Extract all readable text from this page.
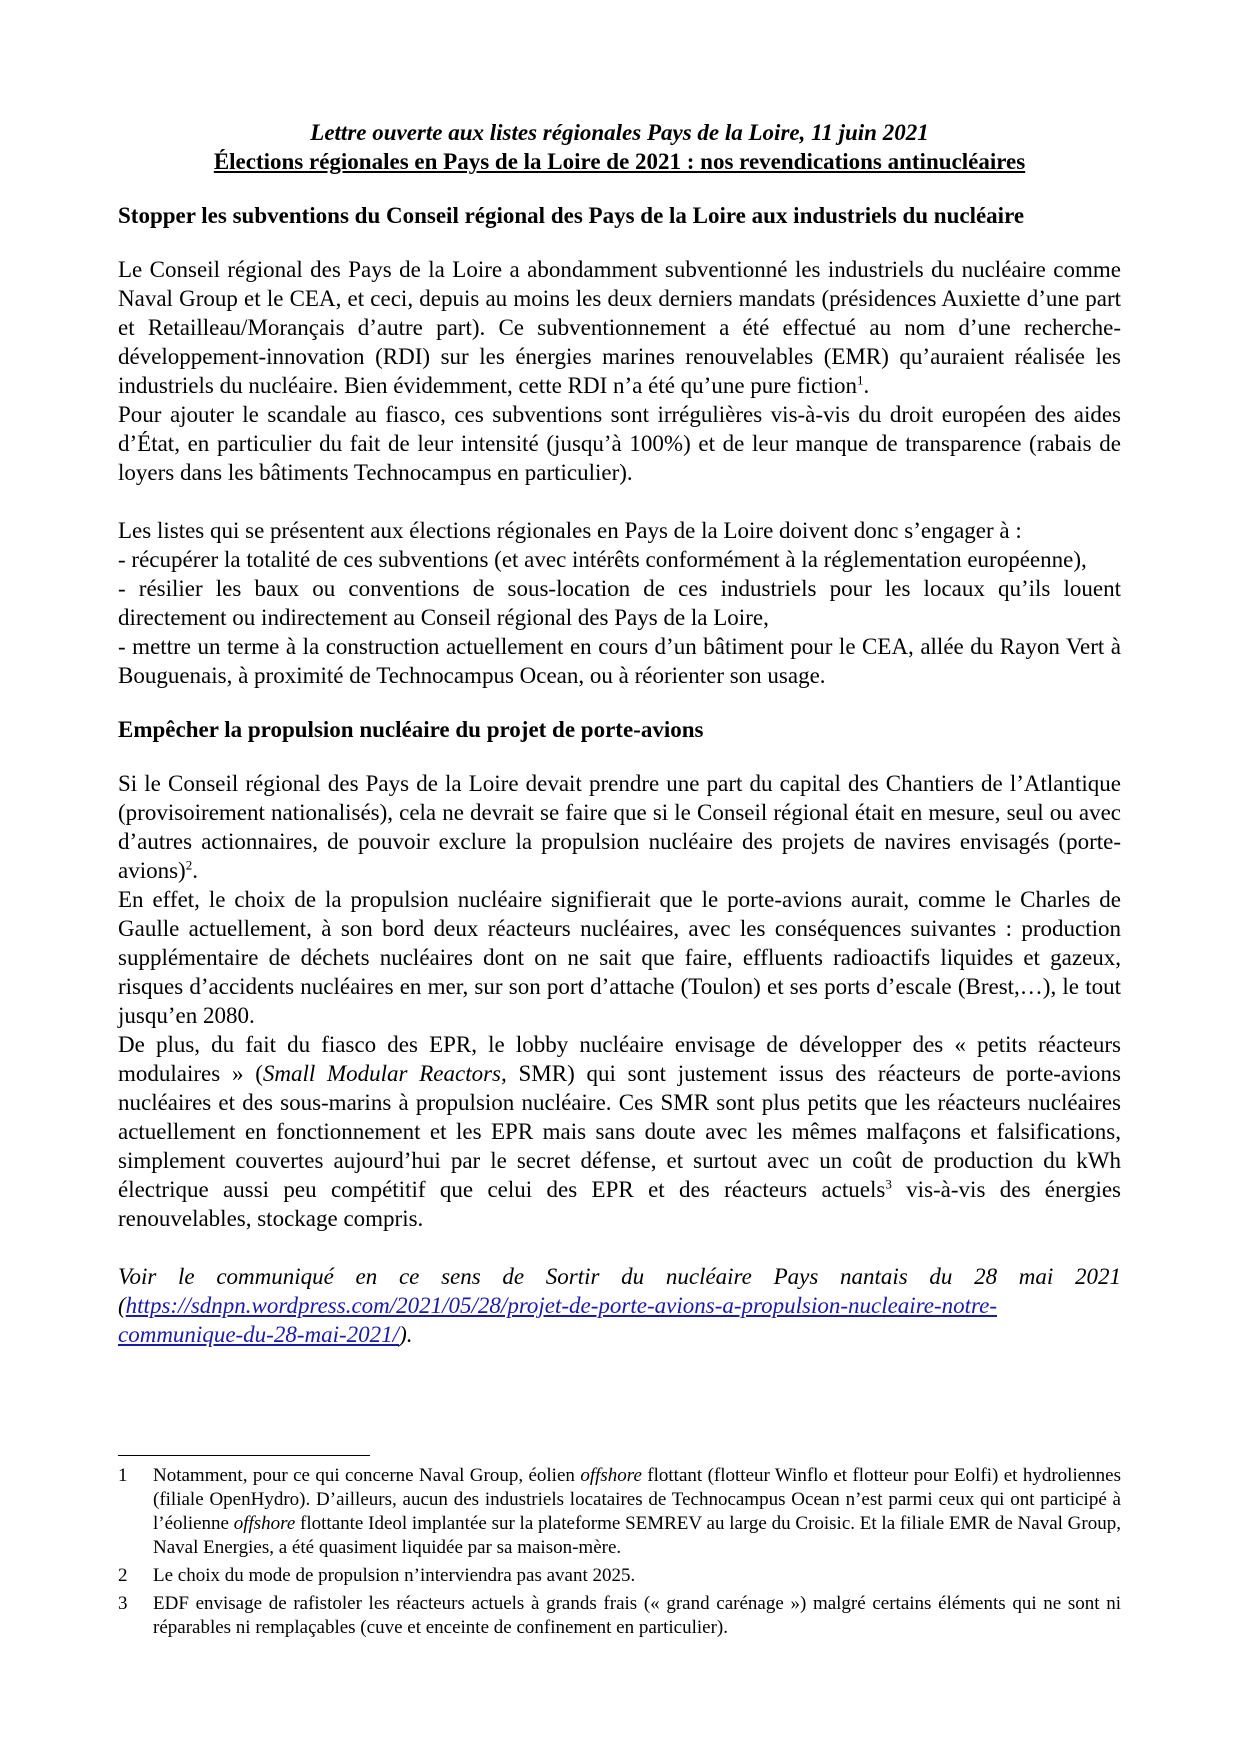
Lettre ouverte aux listes régionales Pays de la Loire, 11 juin 2021
Élections régionales en Pays de la Loire de 2021 : nos revendications antinucléaires
Stopper les subventions du Conseil régional des Pays de la Loire aux industriels du nucléaire

Le Conseil régional des Pays de la Loire a abondamment subventionné les industriels du nucléaire comme Naval Group et le CEA, et ceci, depuis au moins les deux derniers mandats (présidences Auxiette d’une part et Retailleau/Morançais d’autre part). Ce subventionnement a été effectué au nom d’une recherche-développement-innovation (RDI) sur les énergies marines renouvelables (EMR) qu’auraient réalisée les industriels du nucléaire. Bien évidemment, cette RDI n’a été qu’une pure fiction$^1$.

Pour ajouter le scandale au fiasco, ces subventions sont irrégulières vis-à-vis du droit européen des aides d’État, en particulier du fait de leur intensité (jusqu’à 100%) et de leur manque de transparence (rabais de loyers dans les bâtiments Technocampus en particulier).

Les listes qui se présentent aux élections régionales en Pays de la Loire doivent donc s’engager à :

- récupérer la totalité de ces subventions (et avec intérêts conformément à la réglementation européenne),

- résilier les baux ou conventions de sous-location de ces industriels pour les locaux qu’ils louent directement ou indirectement au Conseil régional des Pays de la Loire,

- mettre un terme à la construction actuellement en cours d’un bâtiment pour le CEA, allée du Rayon Vert à Bouguenais, à proximité de Technocampus Ocean, ou à réorienter son usage.

Empêcher la propulsion nucléaire du projet de porte-avions

Si le Conseil régional des Pays de la Loire devait prendre une part du capital des Chantiers de l’Atlantique (provisoirement nationalisés), cela ne devrait se faire que si le Conseil régional était en mesure, seul ou avec d’autres actionnaires, de pouvoir exclure la propulsion nucléaire des projets de navires envisagés (porte-avions)$^2$.

En effet, le choix de la propulsion nucléaire signifierait que le porte-avions aurait, comme le Charles de Gaulle actuellement, à son bord deux réacteurs nucléaires, avec les conséquences suivantes : production supplémentaire de déchets nucléaires dont on ne sait que faire, effluents radioactifs liquides et gazeux, risques d’accidents nucléaires en mer, sur son port d’attache (Toulon) et ses ports d’escale (Brest,…), le tout jusqu’en 2080.

De plus, du fait du fiasco des EPR, le lobby nucléaire envisage de développer des « petits réacteurs modulaires » (Small Modular Reactors, SMR) qui sont justement issus des réacteurs de porte-avions nucléaires et des sous-marins à propulsion nucléaire. Ces SMR sont plus petits que les réacteurs nucléaires actuellement en fonctionnement et les EPR mais sans doute avec les mêmes malfaçons et falsifications, simplement couvertes aujourd’hui par le secret défense, et surtout avec un coût de production du kWh électrique aussi peu compétitif que celui des EPR et des réacteurs actuels$^3$ vis-à-vis des énergies renouvelables, stockage compris.

Voir le communiqué en ce sens de Sortir du nucléaire Pays nantais du 28 mai 2021 (https://sdnpn.wordpress.com/2021/05/28/projet-de-porte-avions-a-propulsion-nucleaire-notre-communique-du-28-mai-2021/).

1	Notamment, pour ce qui concerne Naval Group, éolien offshore flottant (flotteur Winflo et flotteur pour Eolfi) et hydroliennes (filiale OpenHydro). D’ailleurs, aucun des industriels locataires de Technocampus Ocean n’est parmi ceux qui ont participé à l’éolienne offshore flottante Ideol implantée sur la plateforme SEMREV au large du Croisic. Et la filiale EMR de Naval Group, Naval Energies, a été quasiment liquidée par sa maison-mère.
2	Le choix du mode de propulsion n’interviendra pas avant 2025.
3	EDF envisage de rafistoler les réacteurs actuels à grands frais (« grand carénage ») malgré certains éléments qui ne sont ni réparables ni remplaçables (cuve et enceinte de confinement en particulier).
